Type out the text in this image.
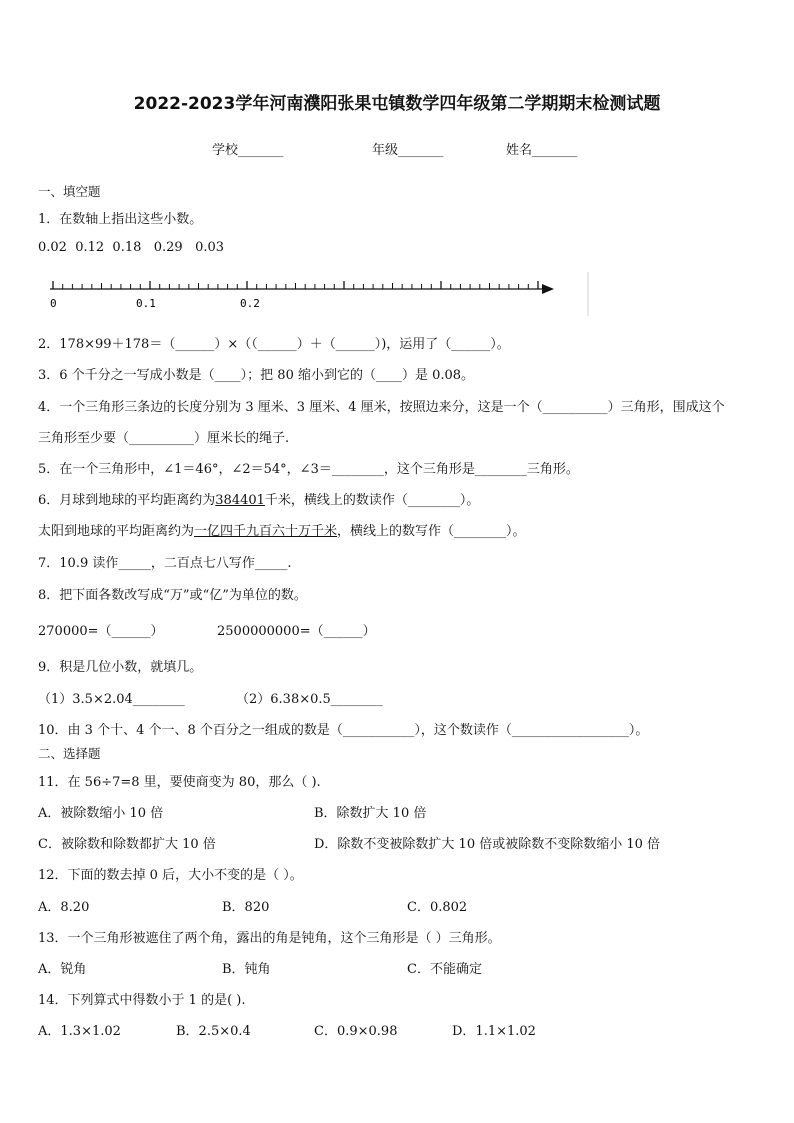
2022-2023学年河南濮阳张果屯镇数学四年级第二学期期末检测试题
学校_______	年级_______	姓名_______
一、填空题
1．在数轴上指出这些小数。
0.02  0.12  0.18   0.29   0.03
0	0.1	0.2
2．178×99＋178＝（______）×（（______）＋（______）)，运用了（______）。
3．6 个千分之一写成小数是（____）；把 80 缩小到它的（____）是 0.08。
4．一个三角形三条边的长度分别为 3 厘米、3 厘米、4 厘米，按照边来分，这是一个（__________）三角形，围成这个
三角形至少要（__________）厘米长的绳子.
5．在一个三角形中，∠1＝46°，∠2＝54°，∠3＝________，这个三角形是________三角形。
6．月球到地球的平均距离约为384401千米，横线上的数读作（________）。
太阳到地球的平均距离约为一亿四千九百六十万千米，横线上的数写作（________）。
7．10.9 读作_____，二百点七八写作_____.
8．把下面各数改写成“万”或“亿”为单位的数。
270000=（______）	2500000000=（______）
9．积是几位小数，就填几。
（1）3.5×2.04________	（2）6.38×0.5________
10．由 3 个十、4 个一、8 个百分之一组成的数是（___________），这个数读作（__________________）。
二、选择题
11．在 56÷7=8 里，要使商变为 80，那么（ ).
A．被除数缩小 10 倍	B．除数扩大 10 倍
C．被除数和除数都扩大 10 倍	D．除数不变被除数扩大 10 倍或被除数不变除数缩小 10 倍
12．下面的数去掉 0 后，大小不变的是（ ）。
A．8.20	B．820	C．0.802
13．一个三角形被遮住了两个角，露出的角是钝角，这个三角形是（ ）三角形。
A．锐角	B．钝角	C．不能确定
14．下列算式中得数小于 1 的是( ).
A．1.3×1.02	B．2.5×0.4	C．0.9×0.98	D．1.1×1.02
